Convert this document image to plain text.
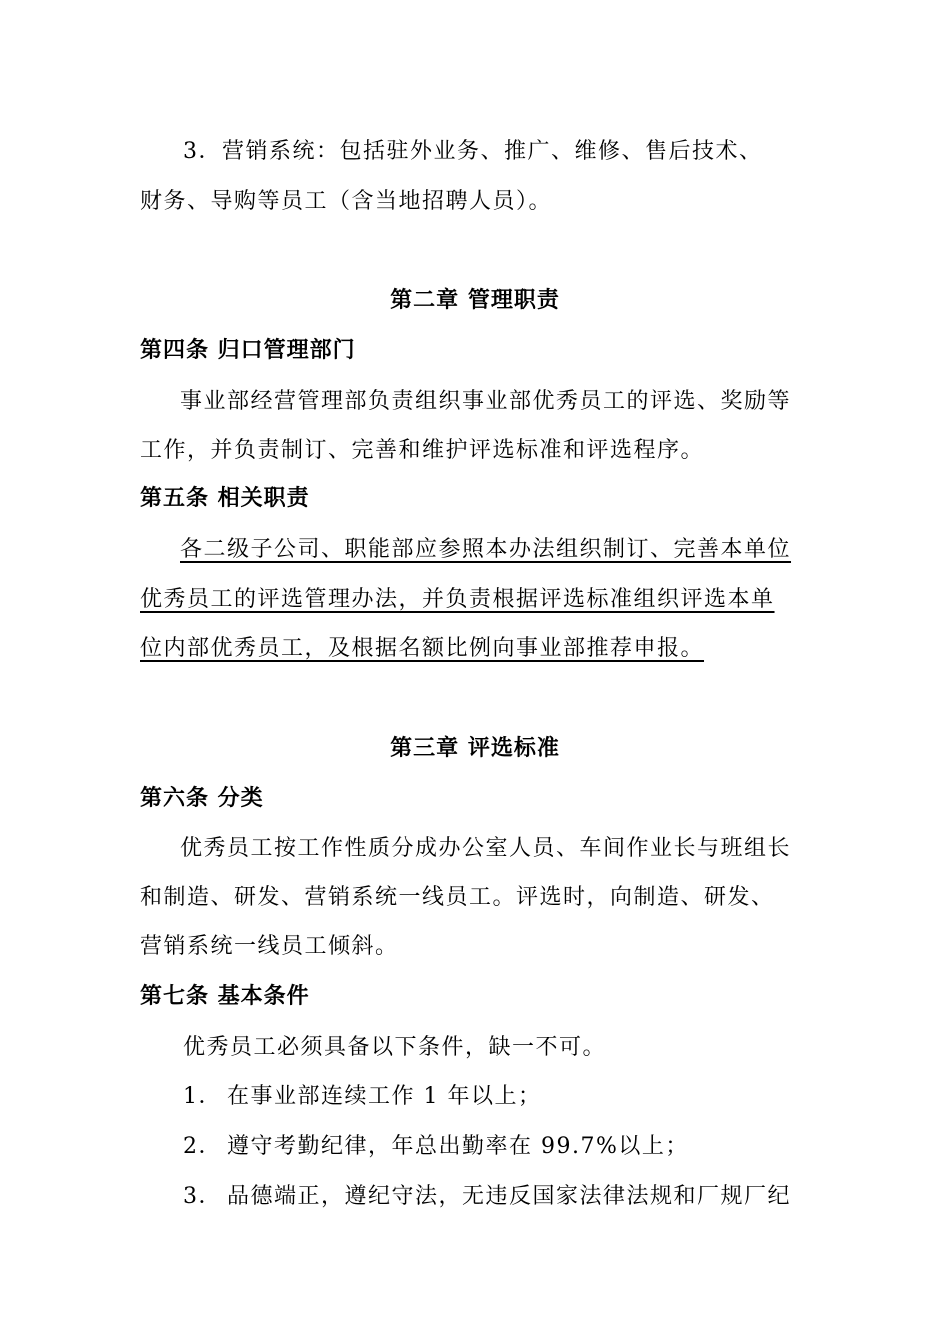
3．营销系统：包括驻外业务、推广、维修、售后技术、
财务、导购等员工（含当地招聘人员）。
第二章 管理职责
第四条 归口管理部门
事业部经营管理部负责组织事业部优秀员工的评选、奖励等
工作，并负责制订、完善和维护评选标准和评选程序。
第五条 相关职责
各二级子公司、职能部应参照本办法组织制订、完善本单位
优秀员工的评选管理办法，并负责根据评选标准组织评选本单
位内部优秀员工，及根据名额比例向事业部推荐申报。
第三章 评选标准
第六条 分类
优秀员工按工作性质分成办公室人员、车间作业长与班组长
和制造、研发、营销系统一线员工。评选时，向制造、研发、
营销系统一线员工倾斜。
第七条 基本条件
优秀员工必须具备以下条件，缺一不可。
1． 在事业部连续工作 1 年以上；
2． 遵守考勤纪律，年总出勤率在 99.7%以上；
3． 品德端正，遵纪守法，无违反国家法律法规和厂规厂纪
